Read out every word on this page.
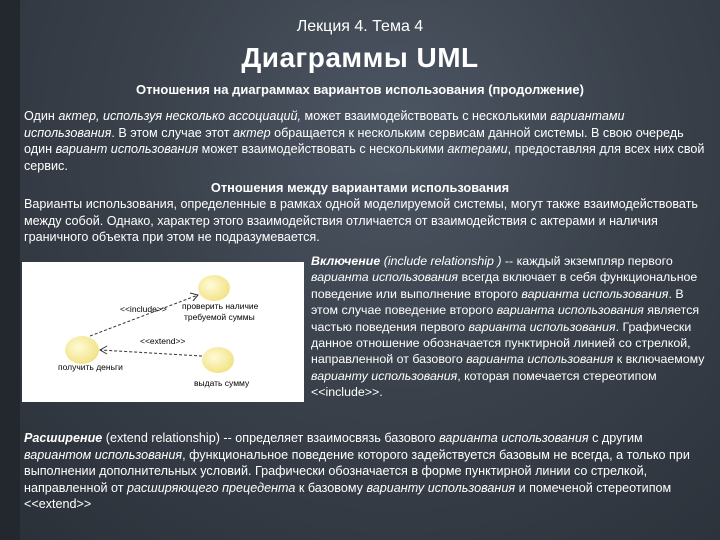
Лекция 4. Тема 4
Диаграммы UML
Отношения на диаграммах вариантов использования (продолжение)
Один актер, используя несколько ассоциаций, может взаимодействовать с несколькими вариантами использования. В этом случае этот актер обращается к нескольким сервисам данной системы. В свою очередь один вариант использования может взаимодействовать с несколькими актерами, предоставляя для всех них свой сервис.
Отношения между вариантами использования
Варианты использования, определенные в рамках одной моделируемой системы, могут также взаимодействовать между собой. Однако, характер этого взаимодействия отличается от взаимодействия с актерами и наличия граничного объекта при этом не подразумевается.
<<include>>
<<extend>>
проверить наличие
требуемой суммы
получить деньги
выдать сумму
Включение (include relationship ) -- каждый экземпляр первого варианта использования всегда включает в себя функциональное поведение или выполнение второго варианта использования. В этом случае поведение второго варианта использования является частью поведения первого варианта использования. Графически данное отношение обозначается пунктирной линией со стрелкой, направленной от базового варианта использования к включаемому варианту использования, которая помечается стереотипом <<include>>.
Расширение (extend relationship) -- определяет взаимосвязь базового варианта использования с другим вариантом использования, функциональное поведение которого задействуется базовым не всегда, а только при выполнении дополнительных условий. Графически обозначается в форме пунктирной линии со стрелкой, направленной от расширяющего прецедента к базовому варианту использования и помеченой стереотипом <<extend>>
